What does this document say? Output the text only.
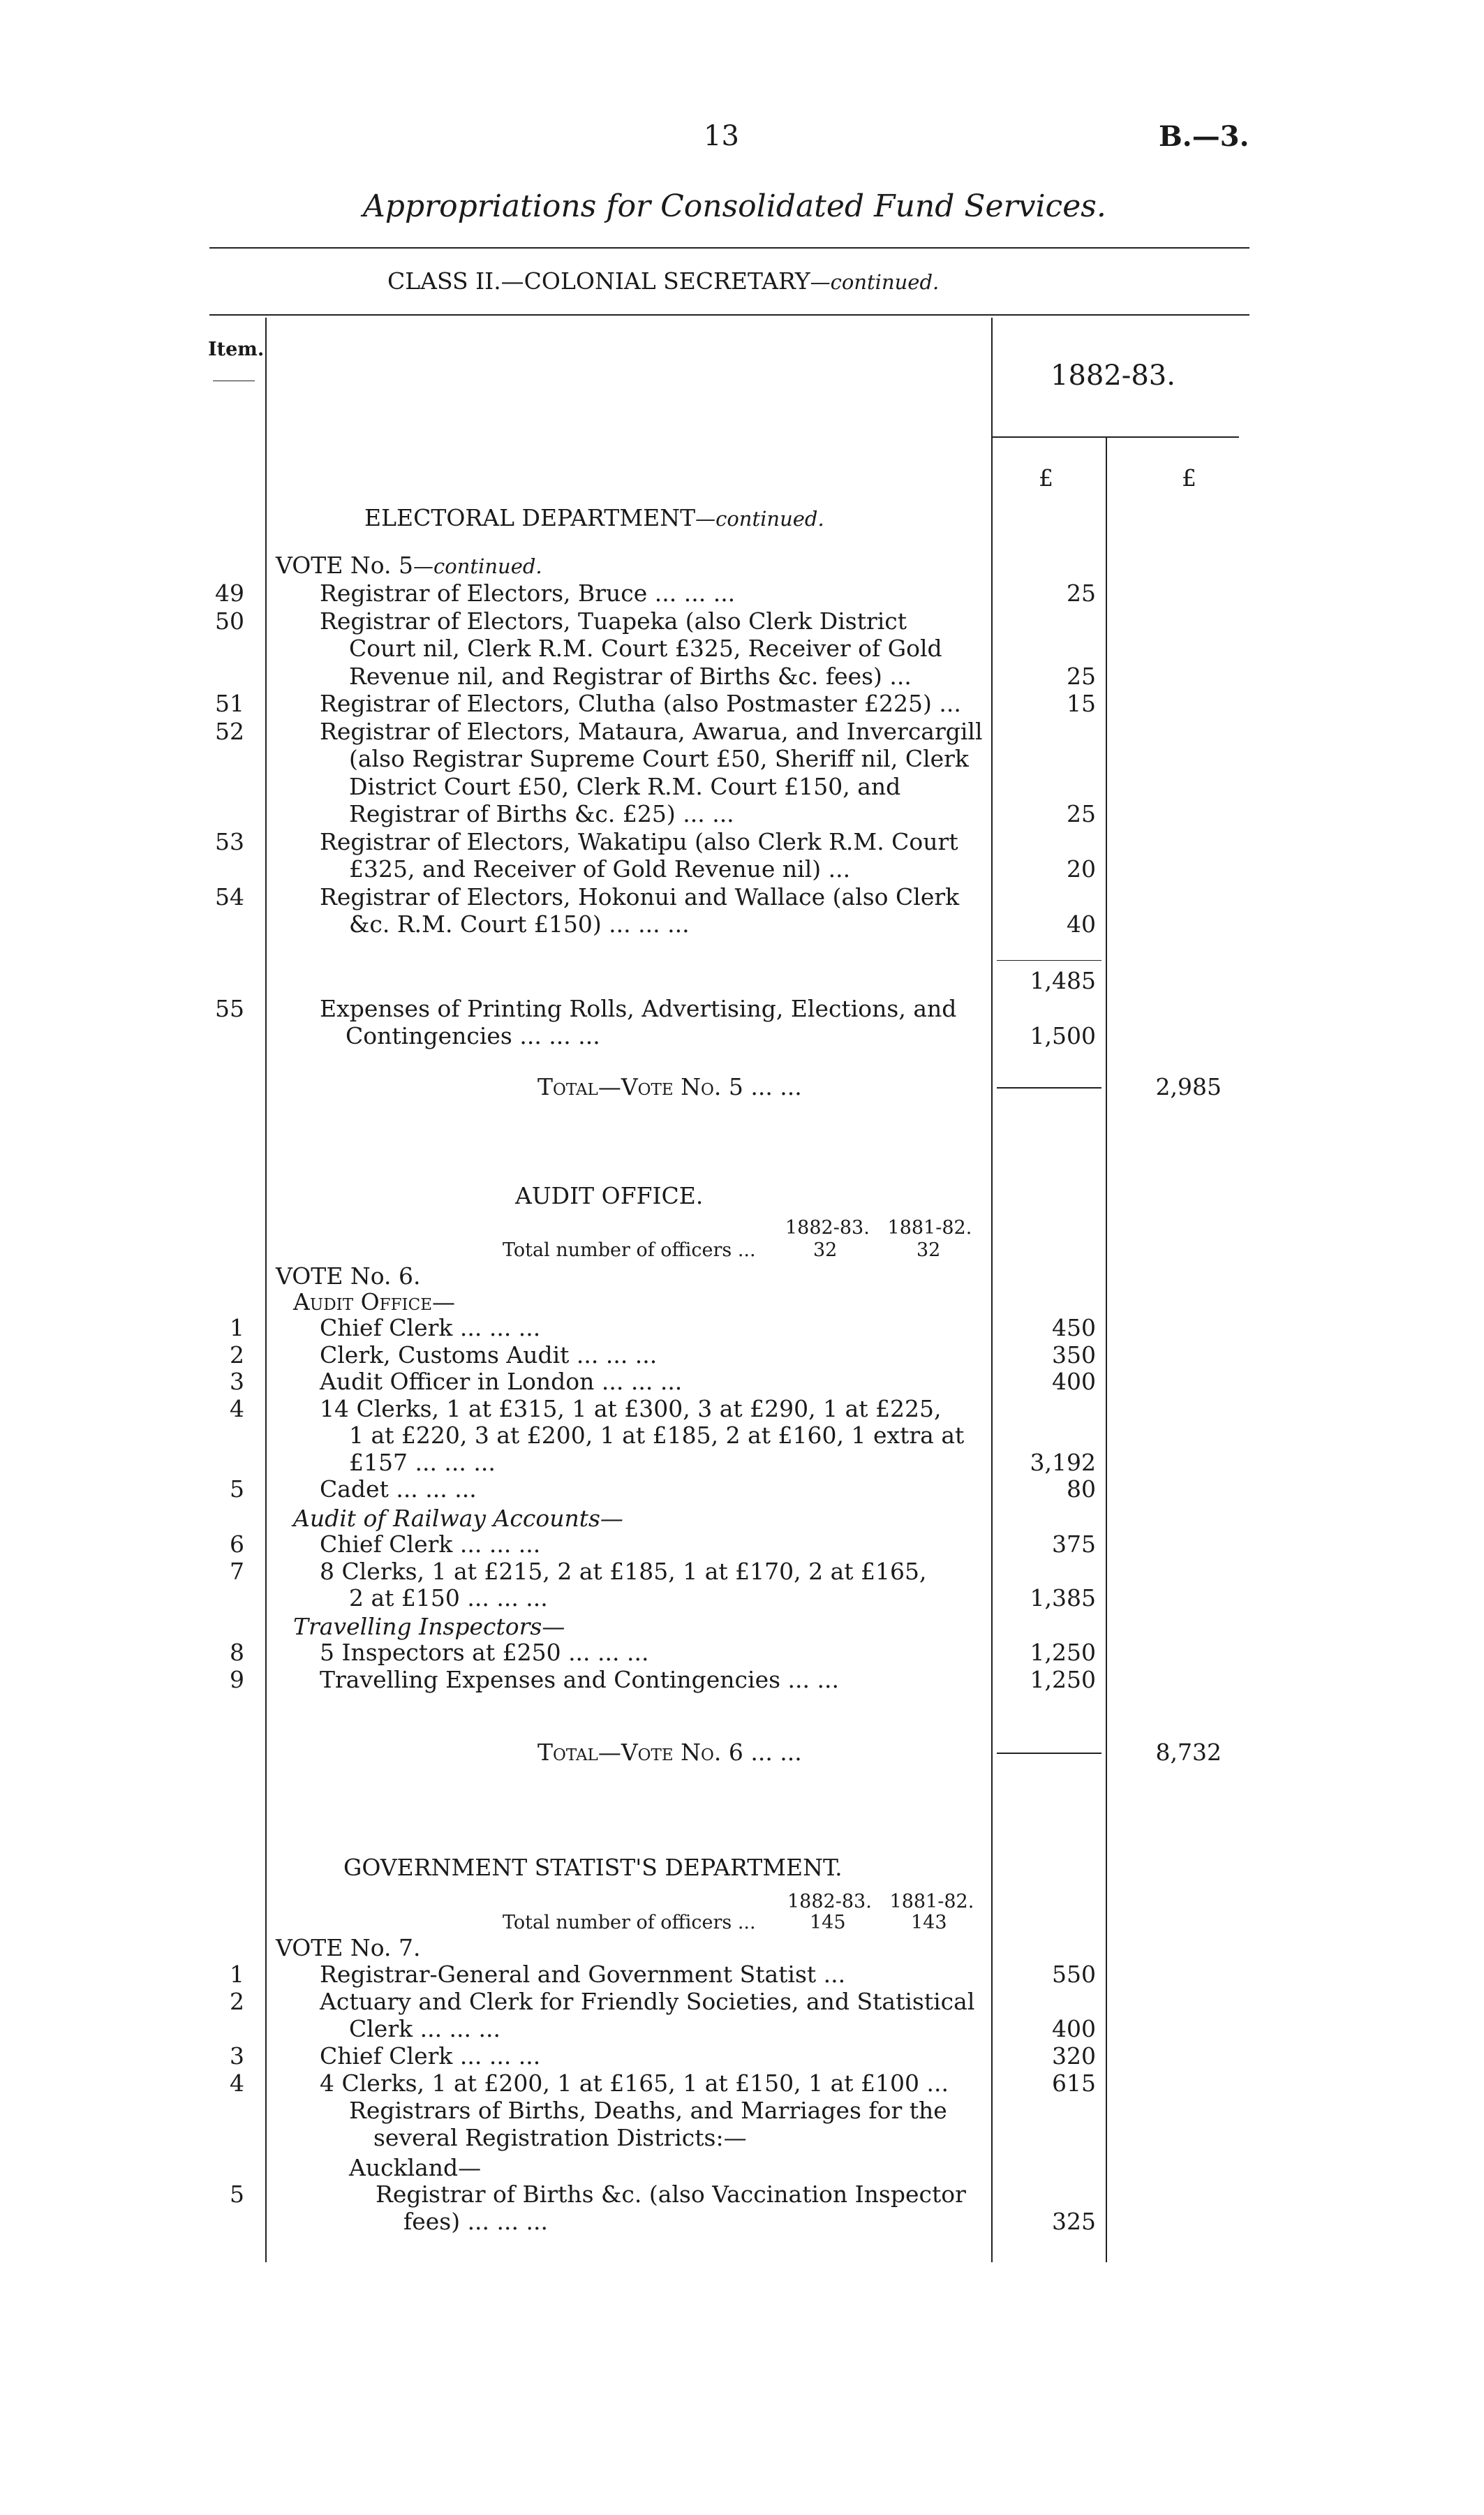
13	B.—3.
Appropriations for Consolidated Fund Services.
CLASS II.—COLONIAL SECRETARY—continued.
Item.
1882-83.
£	£
ELECTORAL DEPARTMENT—continued.
VOTE No. 5—continued.
49	Registrar of Electors, Bruce ... ... ...	25
50	Registrar of Electors, Tuapeka (also Clerk District
Court nil, Clerk R.M. Court £325, Receiver of Gold
Revenue nil, and Registrar of Births &c. fees) ...	25
51	Registrar of Electors, Clutha (also Postmaster £225) ...	15
52	Registrar of Electors, Mataura, Awarua, and Invercargill
(also Registrar Supreme Court £50, Sheriff nil, Clerk
District Court £50, Clerk R.M. Court £150, and
Registrar of Births &c. £25) ... ...	25
53	Registrar of Electors, Wakatipu (also Clerk R.M. Court
£325, and Receiver of Gold Revenue nil) ...	20
54	Registrar of Electors, Hokonui and Wallace (also Clerk
&c. R.M. Court £150) ... ... ...	40
1,485
55	Expenses of Printing Rolls, Advertising, Elections, and
Contingencies ... ... ...	1,500
Total—Vote No. 5 ... ...	2,985
AUDIT OFFICE.
1882-83.   1881-82.
Total number of officers ...	32	32
VOTE No. 6.
Audit Office—
1	Chief Clerk ... ... ...	450
2	Clerk, Customs Audit ... ... ...	350
3	Audit Officer in London ... ... ...	400
4	14 Clerks, 1 at £315, 1 at £300, 3 at £290, 1 at £225,
1 at £220, 3 at £200, 1 at £185, 2 at £160, 1 extra at
£157 ... ... ...	3,192
5	Cadet ... ... ...	80
Audit of Railway Accounts—
6	Chief Clerk ... ... ...	375
7	8 Clerks, 1 at £215, 2 at £185, 1 at £170, 2 at £165,
2 at £150 ... ... ...	1,385
Travelling Inspectors—
8	5 Inspectors at £250 ... ... ...	1,250
9	Travelling Expenses and Contingencies ... ...	1,250
Total—Vote No. 6 ... ...	8,732
GOVERNMENT STATIST'S DEPARTMENT.
1882-83.   1881-82.
Total number of officers ...	145	143
VOTE No. 7.
1	Registrar-General and Government Statist ...	550
2	Actuary and Clerk for Friendly Societies, and Statistical
Clerk ... ... ...	400
3	Chief Clerk ... ... ...	320
4	4 Clerks, 1 at £200, 1 at £165, 1 at £150, 1 at £100 ...	615
Registrars of Births, Deaths, and Marriages for the
several Registration Districts:—
Auckland—
5	Registrar of Births &c. (also Vaccination Inspector
fees) ... ... ...	325
